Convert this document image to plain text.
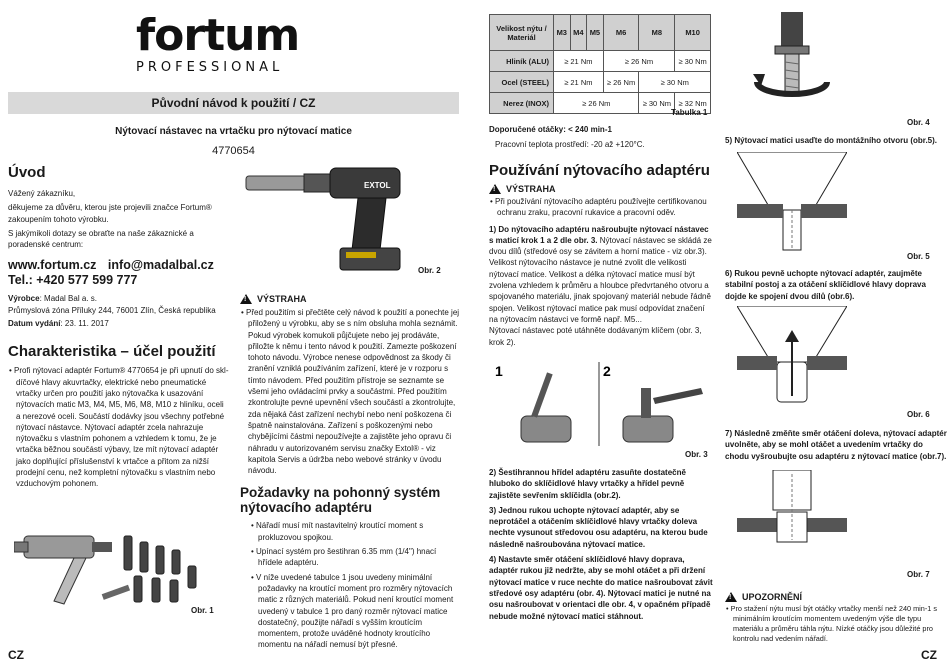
fortum
PROFESSIONAL
Původní návod k použití / CZ
Nýtovací nástavec na vrtačku pro nýtovací matice
4770654
Úvod

Vážený zákazníku,

děkujeme za důvěru, kterou jste projevili značce Fortum® zakoupením tohoto výrobku.

S jakýmikoli dotazy se obraťte na naše zákaznické a poradenské centrum:

www.fortum.cz info@madalbal.cz
Tel.: +420 577 599 777
Výrobce: Madal Bal a. s.
Průmyslová zóna Příluky 244, 76001 Zlín, Česká republika
Datum vydání: 23. 11. 2017
Charakteristika – účel použití
• Profi nýtovací adaptér Fortum® 4770654 je při upnutí do skldíčové hlavy akuvrtačky, elektrické nebo pneumatické vrtačky určen pro použití jako nýtovačka k usazování nýtovacích matic M3, M4, M5, M6, M8, M10 z hliníku, oceli a nerezové oceli. Součástí dodávky jsou všechny potřebné nýtovací nástavce. Nýtovací adaptér zcela nahrazuje nýtovačku s vlastním pohonem a vzhledem k tomu, že je vrtačka běžnou součástí výbavy, lze mít nýtovací adaptér jako doplňující příslušenství k vrtačce a přitom za nižší prodejní cenu, než kompletní nýtovačku s vlastním nebo vzduchovým pohonem.
Obr. 1
EXTOL
Obr. 2
! VÝSTRAHA
• Před použitím si přečtěte celý návod k použití a ponechte jej přiložený u výrobku, aby se s ním obsluha mohla seznámit. Pokud výrobek komukoli půjčujete nebo jej prodáváte, přiložte k němu i tento návod k použití. Zamezte poškození tohoto návodu. Výrobce nenese odpovědnost za škody či zranění vzniklá používáním zařízení, které je v rozporu s tímto návodem. Před použitím přístroje se seznamte se všemi jeho ovládacími prvky a součástmi. Před použitím zkontrolujte pevné upevnění všech součástí a zkontrolujte, zda nějaká část zařízení nechybí nebo není poškozena či špatně nainstalována. Zařízení s poškozenými nebo chybějícími částmi nepoužívejte a zajistěte jeho opravu či náhradu v autorizovaném servisu značky Extol® - viz kapitola Servis a údržba nebo webové stránky v úvodu návodu.
Požadavky na pohonný systém nýtovacího adaptéru
• Nářadí musí mít nastavitelný kroutící moment s prokluzovou spojkou.
• Upínací systém pro šestihran 6.35 mm (1/4") hnací hřídele adaptéru.
• V níže uvedené tabulce 1 jsou uvedeny minimální požadavky na kroutící moment pro rozměry nýtovacích matic z různých materiálů. Pokud není kroutící moment uvedený v tabulce 1 pro daný rozměr nýtovací matice dostatečný, použijte nářadí s vyšším kroutícím momentem, protože uváděné hodnoty kroutícího momentu na nářadí nemusí být přesné.
CZ
Velikost nýtu / Materiál	M3	M4	M5	M6	M8	M10
Hliník (ALU)	≥ 21 Nm			≥ 26 Nm		≥ 30 Nm
Ocel (STEEL)	≥ 21 Nm			≥ 26 Nm	≥ 30 Nm	
Nerez (INOX)	≥ 26 Nm				≥ 30 Nm	≥ 32 Nm
Tabulka 1
Doporučené otáčky: < 240 min-1
Pracovní teplota prostředí: -20 až +120°C.
Používání nýtovacího adaptéru
! VÝSTRAHA
• Při používání nýtovacího adaptéru používejte certifikovanou ochranu zraku, pracovní rukavice a pracovní oděv.
1) Do nýtovacího adaptéru našroubujte nýtovací nástavec s maticí krok 1 a 2 dle obr. 3. Nýtovací nástavec se skládá ze dvou dílů (středové osy se závitem a horní matice - viz obr.3). Velikost nýtovacího nástavce je nutné zvolit dle velikosti nýtovací matice. Velikost a délka nýtovací matice musí být zvolena vzhledem k průměru a hloubce předvrtaného otvoru a spojovaného materiálu, jinak spojovaný materiál nebude řádně spojen. Velikost nýtovací matice pak musí odpovídat značení na nýtovacím nástavci ve formě např. M5...
Nýtovací nástavec poté utáhněte dodávaným klíčem (obr. 3, krok 2).
1	2
Obr. 3

2) Šestihrannou hřídel adaptéru zasuňte dostatečně hluboko do sklíčidlové hlavy vrtačky a hřídel pevně zajistěte sevřením sklíčidla (obr.2).

3) Jednou rukou uchopte nýtovací adaptér, aby se neprotáčel a otáčením sklíčidlové hlavy vrtačky doleva nechte vysunout středovou osu adaptéru, na kterou bude následně našroubována nýtovací matice.

4) Nastavte směr otáčení sklíčidlové hlavy doprava, adaptér rukou již nedržte, aby se mohl otáčet a při držení nýtovací matice v ruce nechte do matice našroubovat závit středové osy adaptéru (obr. 4). Nýtovací matici je nutné na osu našroubovat v orientaci dle obr. 4, v opačném případě nebude možné nýtovací matici stáhnout.

Obr. 4
5) Nýtovací matici usaďte do montážního otvoru (obr.5).
Obr. 5
6) Rukou pevně uchopte nýtovací adaptér, zaujměte stabilní postoj a za otáčení sklíčidlové hlavy doprava dojde ke spojení dvou dílů (obr.6).
Obr. 6
7) Následně změňte směr otáčení doleva, nýtovací adaptér uvolněte, aby se mohl otáčet a uvedením vrtačky do chodu vyšroubujte osu adaptéru z nýtovací matice (obr.7).
Obr. 7
! UPOZORNĚNÍ
• Pro stažení nýtu musí být otáčky vrtačky menší než 240 min-1 s minimálním kroutícím momentem uvedeným výše dle typu materiálu a průměru táhla nýtu. Nízké otáčky jsou důležité pro kontrolu nad vedením nářadí.
CZ
